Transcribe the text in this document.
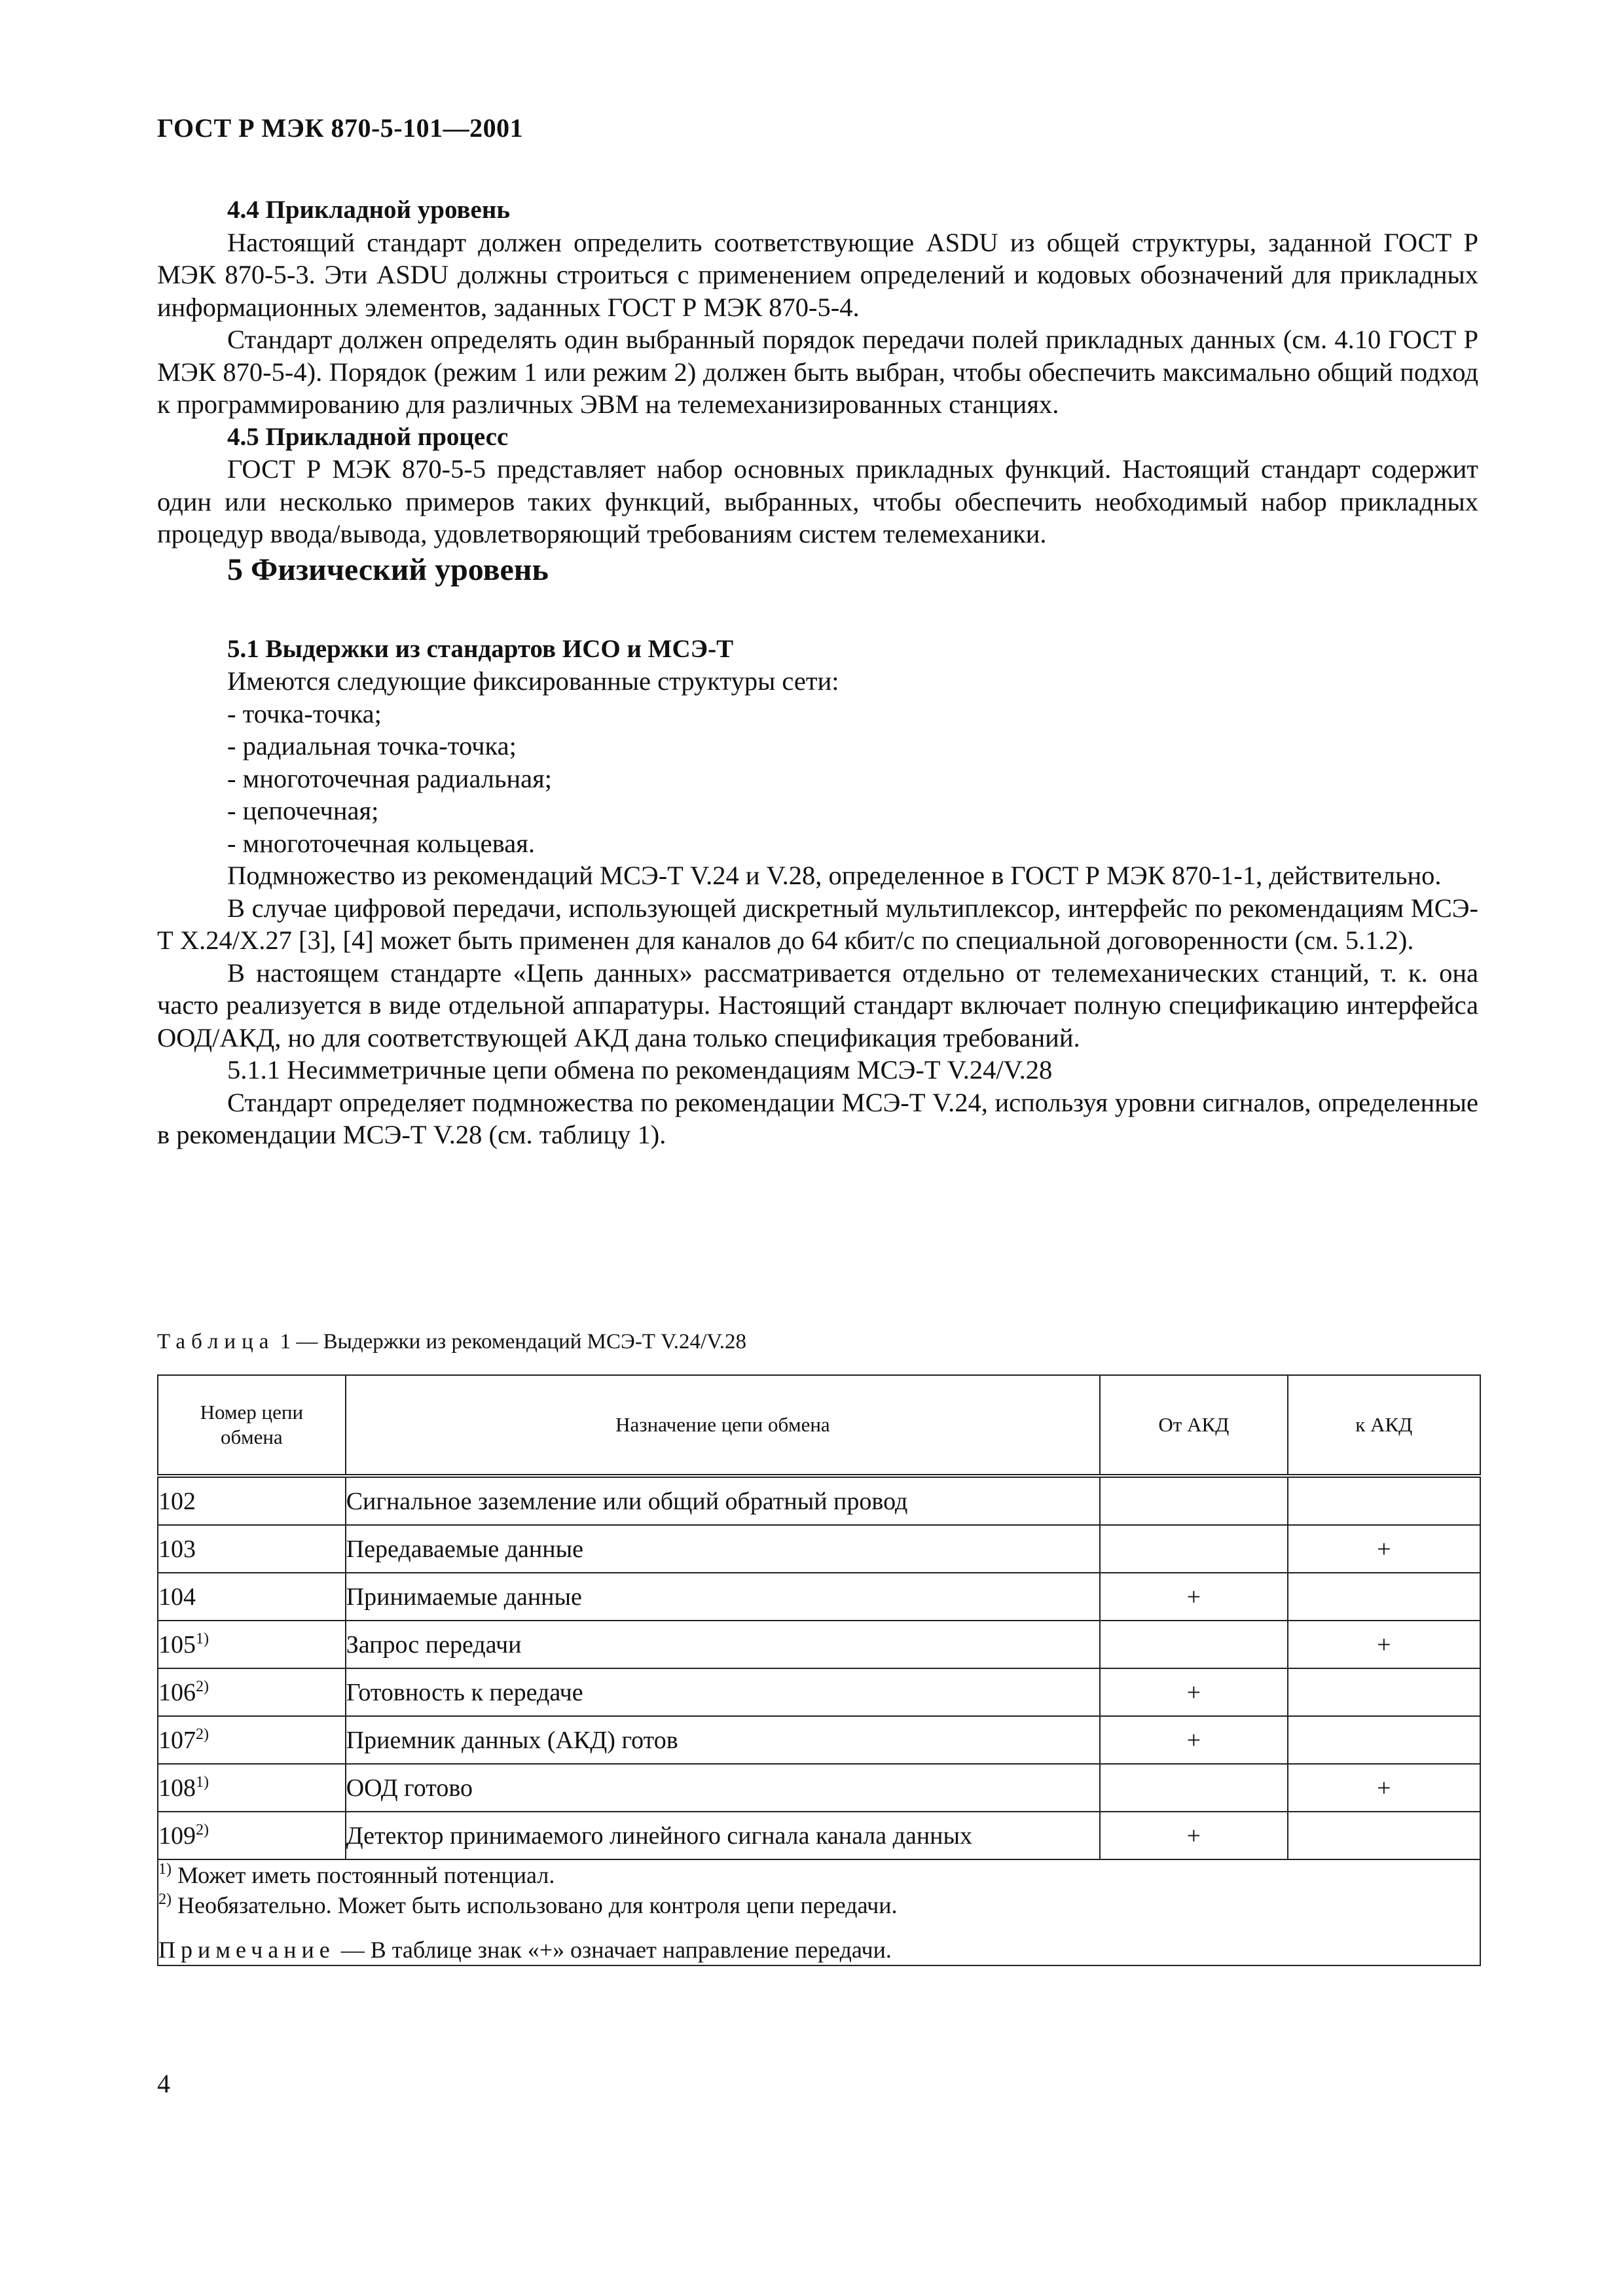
ГОСТ Р МЭК 870-5-101—2001

4.4 Прикладной уровень

Настоящий стандарт должен определить соответствующие ASDU из общей структуры, заданной ГОСТ Р МЭК 870-5-3. Эти ASDU должны строиться с применением определений и кодовых обозначений для прикладных информационных элементов, заданных ГОСТ Р МЭК 870-5-4.

Стандарт должен определять один выбранный порядок передачи полей прикладных данных (см. 4.10 ГОСТ Р МЭК 870-5-4). Порядок (режим 1 или режим 2) должен быть выбран, чтобы обеспечить максимально общий подход к программированию для различных ЭВМ на телемеханизированных станциях.

4.5 Прикладной процесс

ГОСТ Р МЭК 870-5-5 представляет набор основных прикладных функций. Настоящий стандарт содержит один или несколько примеров таких функций, выбранных, чтобы обеспечить необходимый набор прикладных процедур ввода/вывода, удовлетворяющий требованиям систем телемеханики.

5 Физический уровень

5.1 Выдержки из стандартов ИСО и МСЭ-Т

Имеются следующие фиксированные структуры сети:

- точка-точка;

- радиальная точка-точка;

- многоточечная радиальная;

- цепочечная;

- многоточечная кольцевая.

Подмножество из рекомендаций МСЭ-Т V.24 и V.28, определенное в ГОСТ Р МЭК 870-1-1, действительно.

В случае цифровой передачи, использующей дискретный мультиплексор, интерфейс по рекомендациям МСЭ-Т X.24/X.27 [3], [4] может быть применен для каналов до 64 кбит/с по специальной договоренности (см. 5.1.2).

В настоящем стандарте «Цепь данных» рассматривается отдельно от телемеханических станций, т. к. она часто реализуется в виде отдельной аппаратуры. Настоящий стандарт включает полную спецификацию интерфейса ООД/АКД, но для соответствующей АКД дана только спецификация требований.

5.1.1 Несимметричные цепи обмена по рекомендациям МСЭ-Т V.24/V.28

Стандарт определяет подмножества по рекомендации МСЭ-Т V.24, используя уровни сигналов, определенные в рекомендации МСЭ-Т V.28 (см. таблицу 1).

Таблица 1 — Выдержки из рекомендаций МСЭ-Т V.24/V.28
Номер цепи обмена	Назначение цепи обмена	От АКД	к АКД
102	Сигнальное заземление или общий обратный провод		
103	Передаваемые данные		+
104	Принимаемые данные	+	
105$^{1)}$	Запрос передачи		+
$106^{2)}$	Готовность к передаче	+	
107$^{2)}$	Приемник данных (АКД) готов	+	
108$^{1)}$	ООД готово		+
$109^{2)}$	Детектор принимаемого линейного сигнала канала данных	+	

$^{1)}$ Может иметь постоянный потенциал.
$^{2)}$ Необязательно. Может быть использовано для контроля цепи передачи.
Примечание — В таблице знак «+» означает направление передачи.			
4
